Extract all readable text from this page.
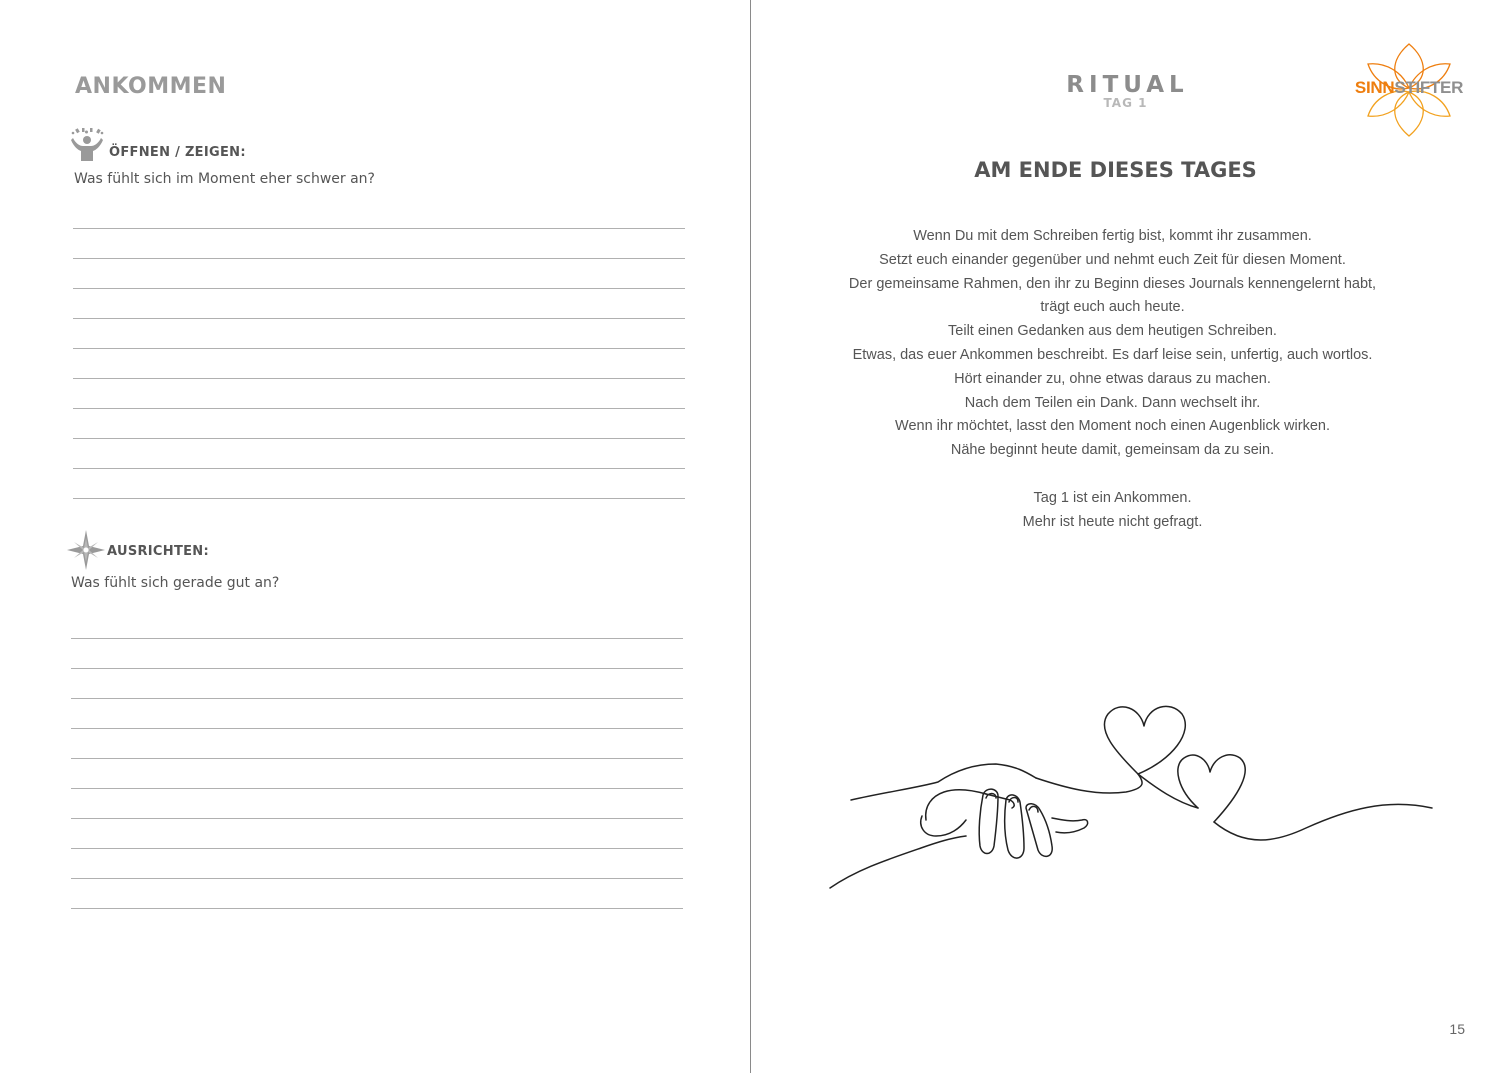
ANKOMMEN
ÖFFNEN / ZEIGEN:
Was fühlt sich im Moment eher schwer an?
AUSRICHTEN:
Was fühlt sich gerade gut an?
RITUAL
TAG 1
SINNSTIFTER
AM ENDE DIESES TAGES

Wenn Du mit dem Schreiben fertig bist, kommt ihr zusammen.

Setzt euch einander gegenüber und nehmt euch Zeit für diesen Moment.

Der gemeinsame Rahmen, den ihr zu Beginn dieses Journals kennengelernt habt,

trägt euch auch heute.

Teilt einen Gedanken aus dem heutigen Schreiben.

Etwas, das euer Ankommen beschreibt. Es darf leise sein, unfertig, auch wortlos.

Hört einander zu, ohne etwas daraus zu machen.

Nach dem Teilen ein Dank. Dann wechselt ihr.

Wenn ihr möchtet, lasst den Moment noch einen Augenblick wirken.

Nähe beginnt heute damit, gemeinsam da zu sein.

Tag 1 ist ein Ankommen.

Mehr ist heute nicht gefragt.

15
